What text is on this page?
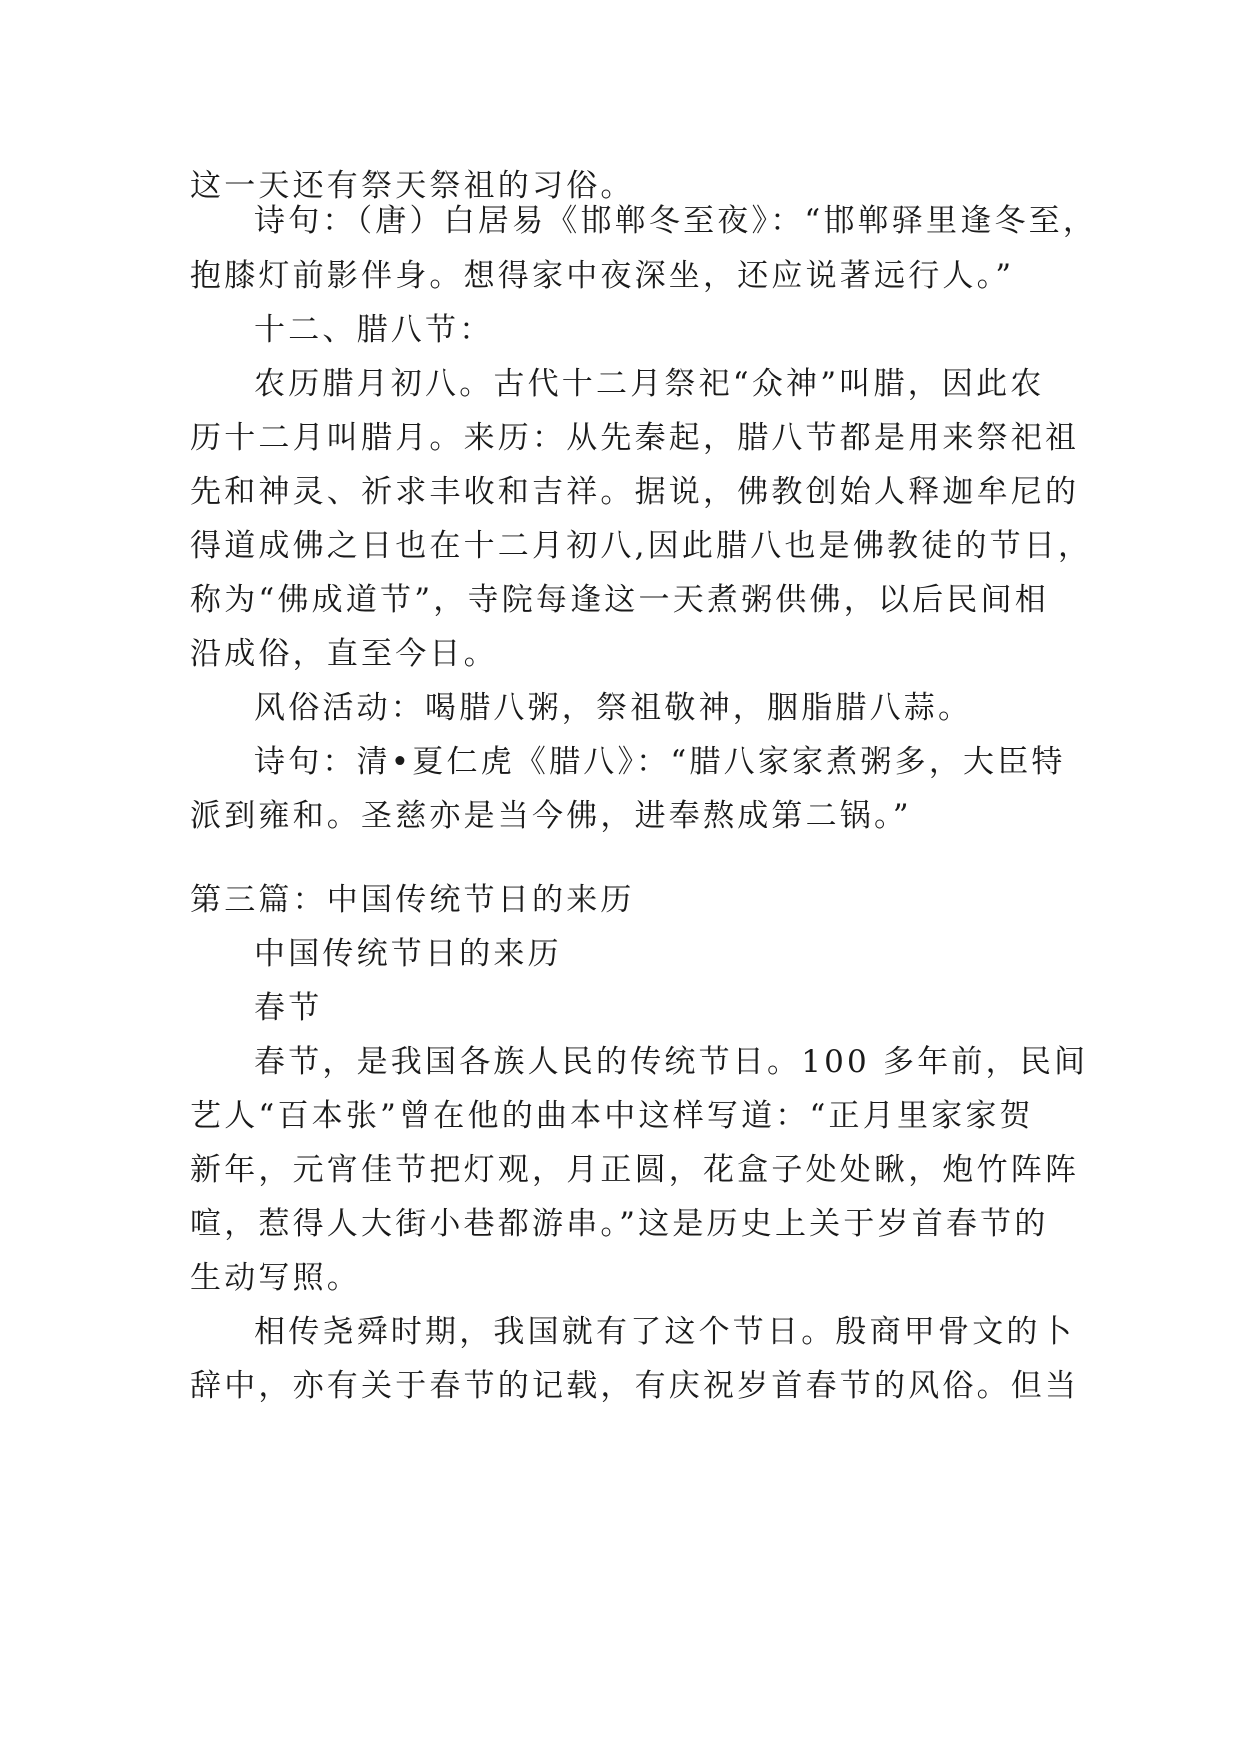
这一天还有祭天祭祖的习俗。
诗句：（唐）白居易《邯郸冬至夜》：“邯郸驿里逢冬至，
抱膝灯前影伴身。想得家中夜深坐，还应说著远行人。”
十二、腊八节：
农历腊月初八。古代十二月祭祀“众神”叫腊，因此农
历十二月叫腊月。来历：从先秦起，腊八节都是用来祭祀祖
先和神灵、祈求丰收和吉祥。据说，佛教创始人释迦牟尼的
得道成佛之日也在十二月初八,因此腊八也是佛教徒的节日，
称为“佛成道节”，寺院每逢这一天煮粥供佛，以后民间相
沿成俗，直至今日。
风俗活动：喝腊八粥，祭祖敬神，胭脂腊八蒜。
诗句：清•夏仁虎《腊八》：“腊八家家煮粥多，大臣特
派到雍和。圣慈亦是当今佛，进奉熬成第二锅。”
第三篇：中国传统节日的来历
中国传统节日的来历
春节
春节，是我国各族人民的传统节日。100 多年前，民间
艺人“百本张”曾在他的曲本中这样写道：“正月里家家贺
新年，元宵佳节把灯观，月正圆，花盒子处处瞅，炮竹阵阵
喧，惹得人大街小巷都游串。”这是历史上关于岁首春节的
生动写照。
相传尧舜时期，我国就有了这个节日。殷商甲骨文的卜
辞中，亦有关于春节的记载，有庆祝岁首春节的风俗。但当
